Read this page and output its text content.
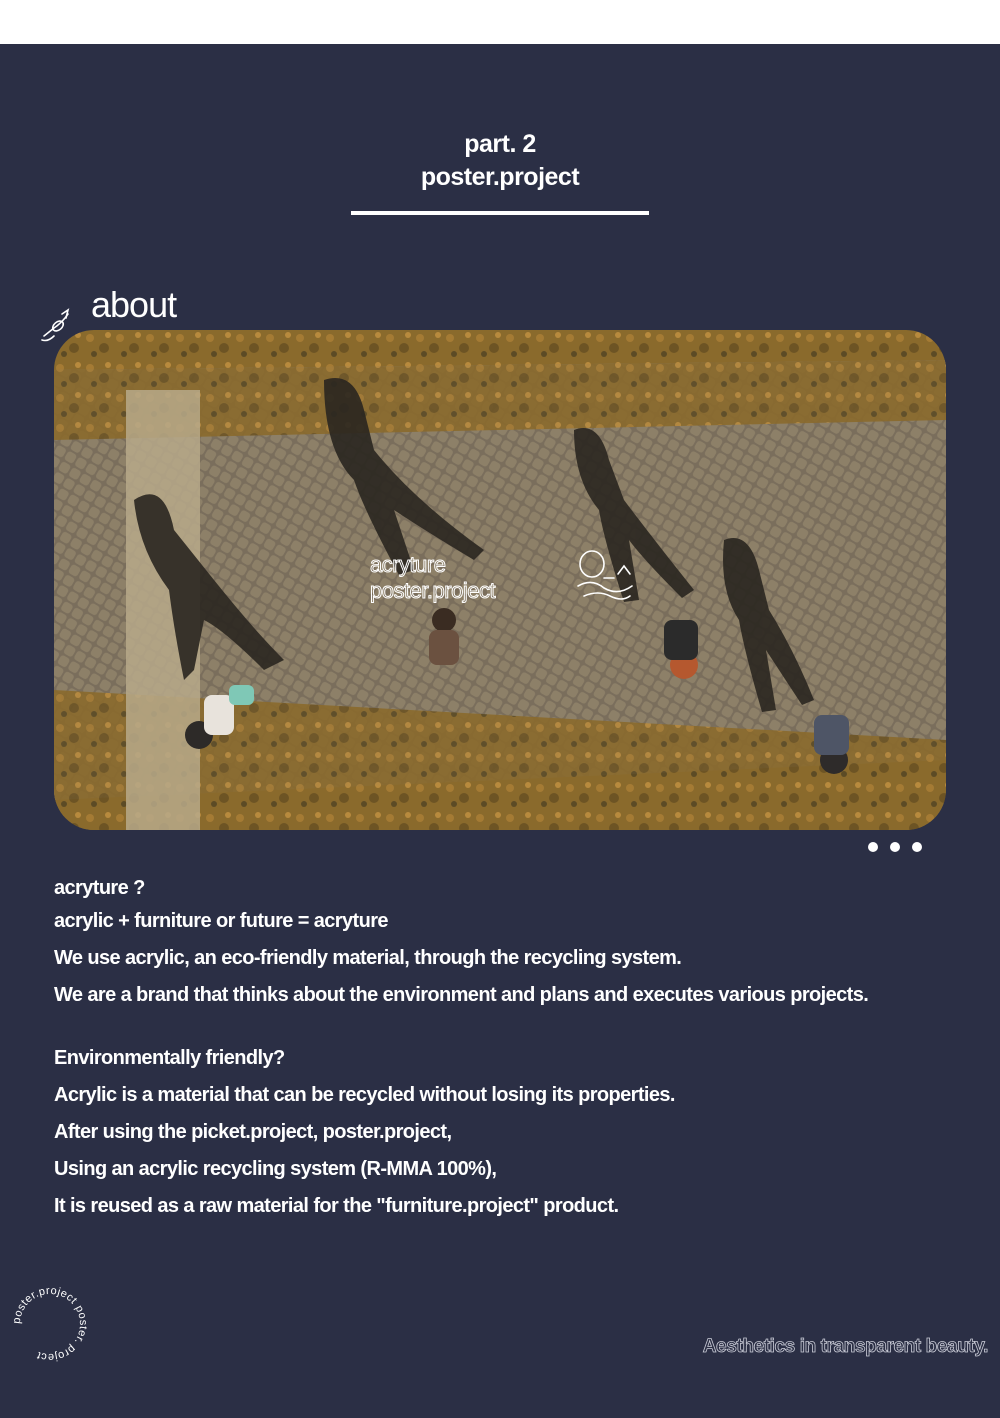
part. 2
poster.project
about
acryture
poster.project
acryture ?
acrylic + furniture or future = acryture
We use acrylic, an eco-friendly material, through the recycling system.
We are a brand that thinks about the environment and plans and executes various projects.
Environmentally friendly?
Acrylic is a material that can be recycled without losing its properties.
After using the picket.project, poster.project,
Using an acrylic recycling system (R-MMA 100%),
It is reused as a raw material for the "furniture.project" product.
poster.project poster. project	Aesthetics in transparent beauty.
